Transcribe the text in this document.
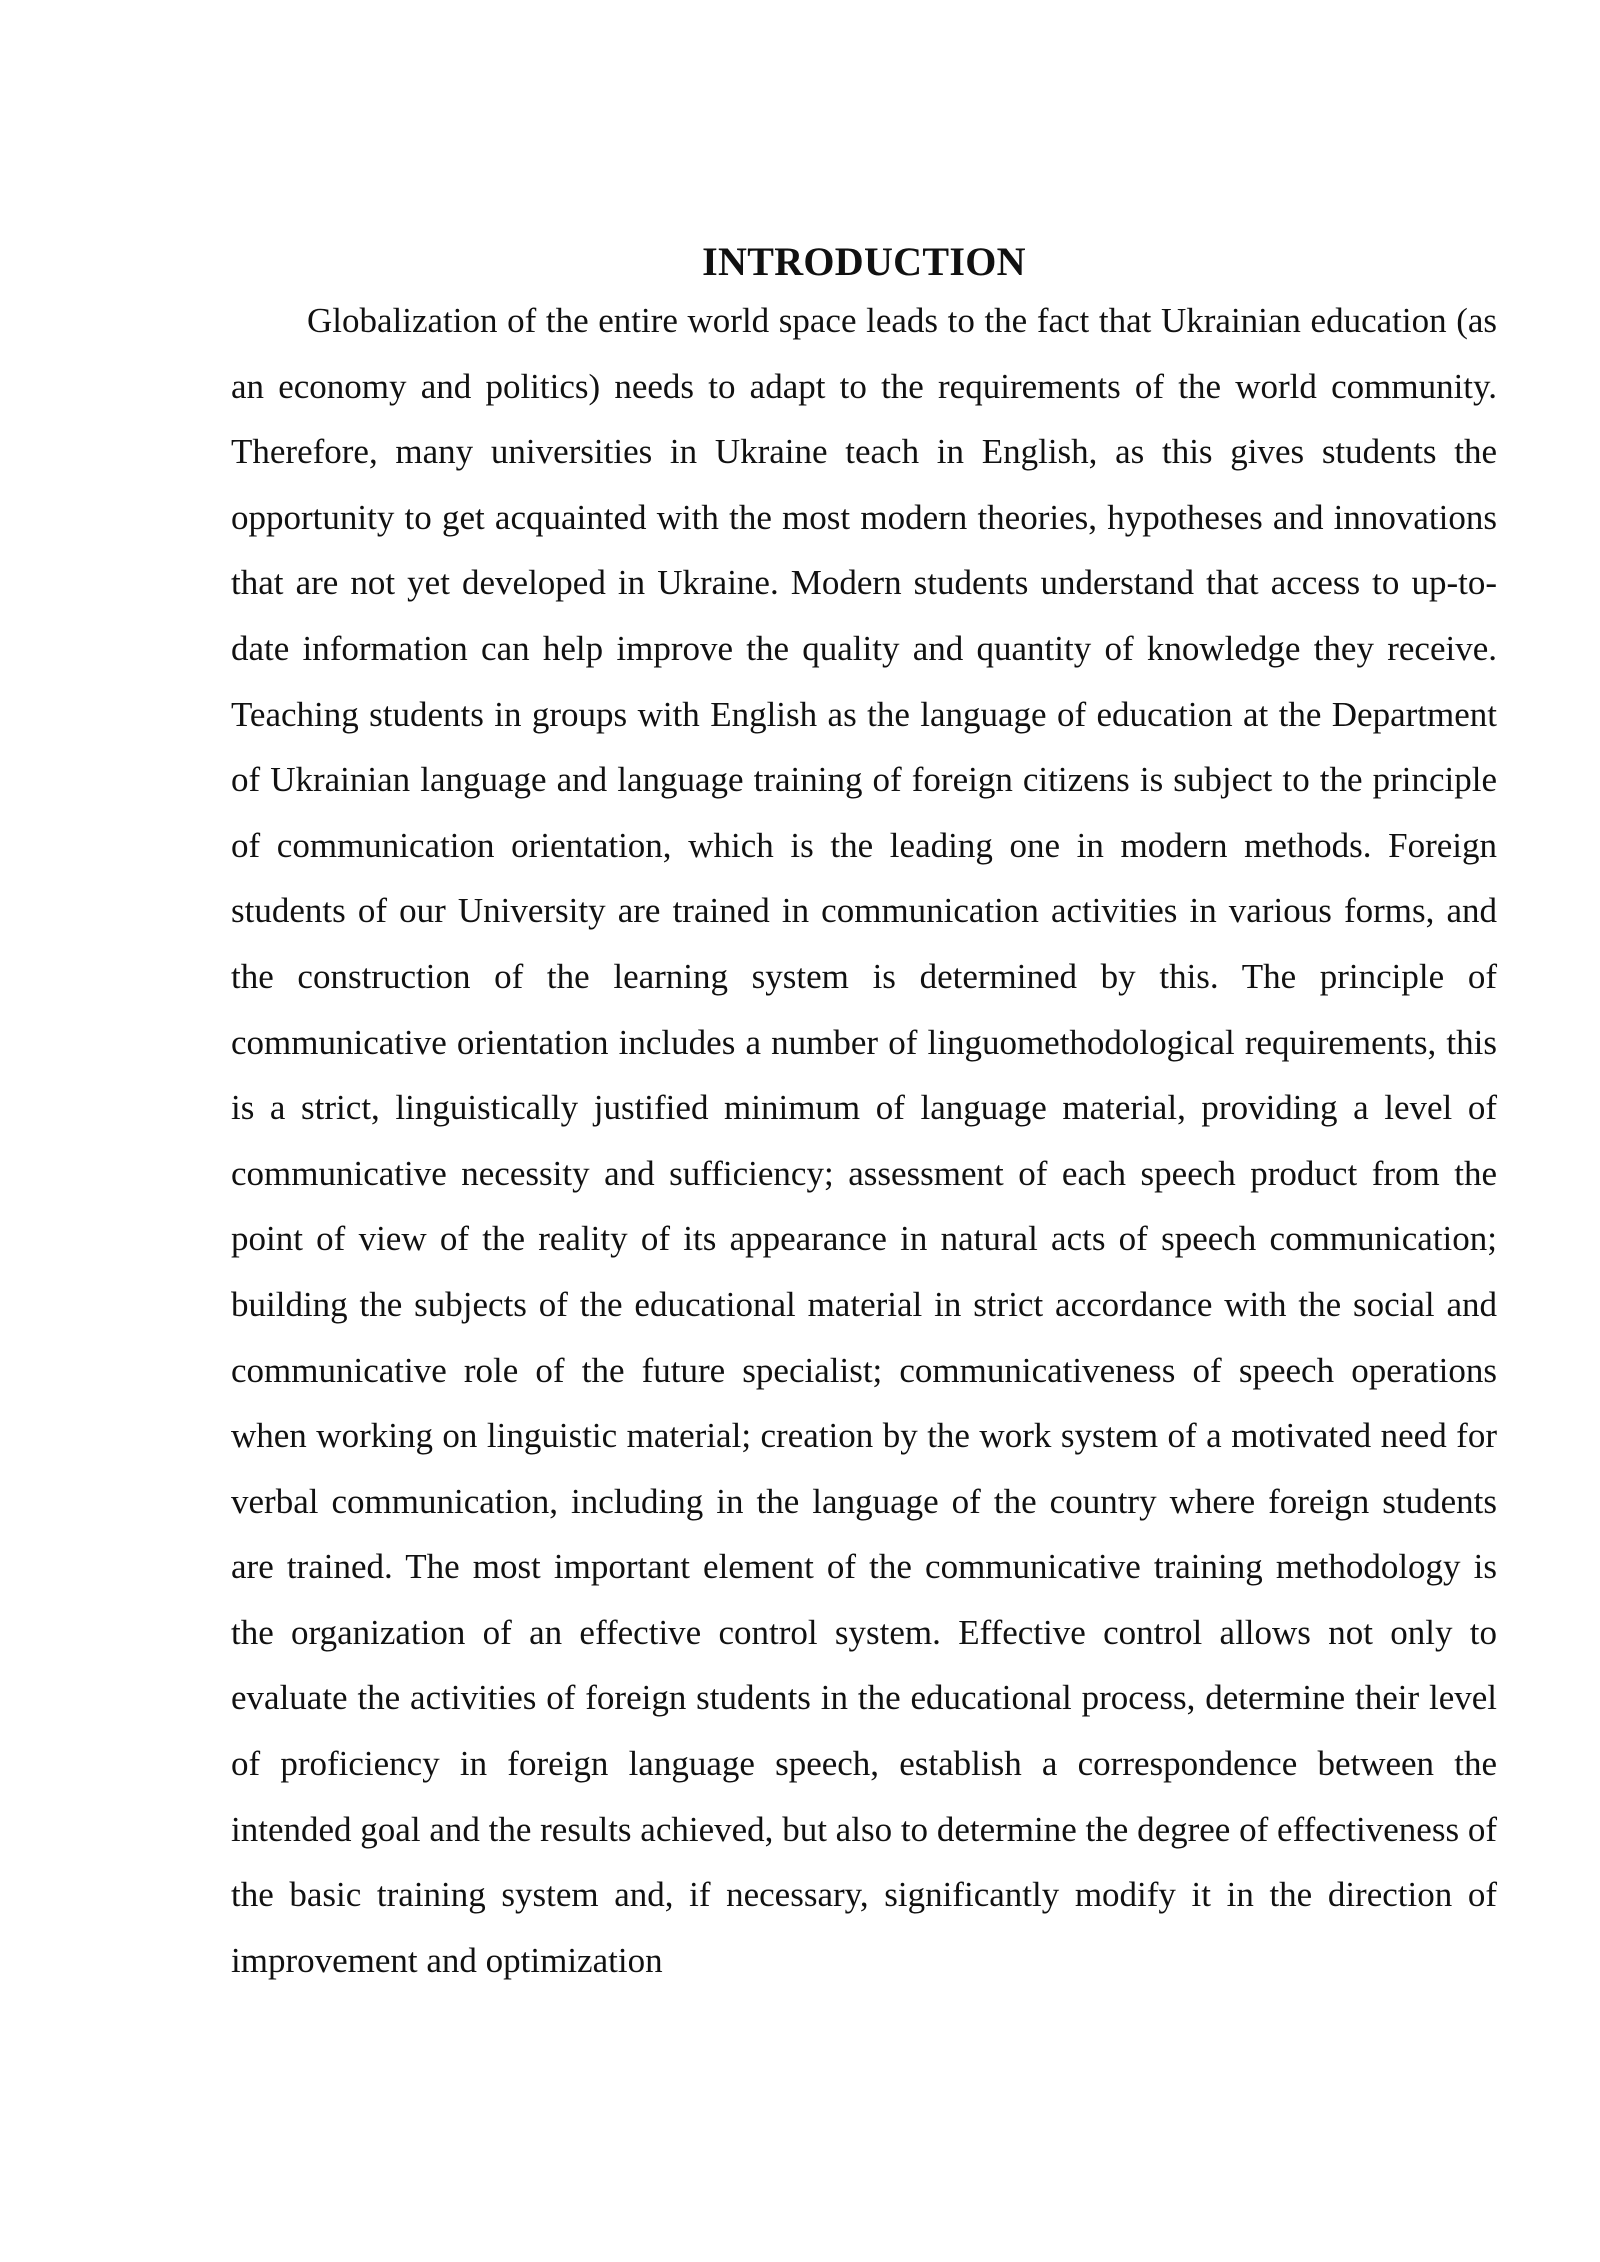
INTRODUCTION

Globalization of the entire world space leads to the fact that Ukrainian education (as an economy and politics) needs to adapt to the requirements of the world community. Therefore, many universities in Ukraine teach in English, as this gives students the opportunity to get acquainted with the most modern theories, hypotheses and innovations that are not yet developed in Ukraine. Modern students understand that access to up-to-date information can help improve the quality and quantity of knowledge they receive. Teaching students in groups with English as the language of education at the Department of Ukrainian language and language training of foreign citizens is subject to the principle of communication orientation, which is the leading one in modern methods. Foreign students of our University are trained in communication activities in various forms, and the construction of the learning system is determined by this. The principle of communicative orientation includes a number of linguomethodological requirements, this is a strict, linguistically justified minimum of language material, providing a level of communicative necessity and sufficiency; assessment of each speech product from the point of view of the reality of its appearance in natural acts of speech communication; building the subjects of the educational material in strict accordance with the social and communicative role of the future specialist; communicativeness of speech operations when working on linguistic material; creation by the work system of a motivated need for verbal communication, including in the language of the country where foreign students are trained. The most important element of the communicative training methodology is the organization of an effective control system. Effective control allows not only to evaluate the activities of foreign students in the educational process, determine their level of proficiency in foreign language speech, establish a correspondence between the intended goal and the results achieved, but also to determine the degree of effectiveness of the basic training system and, if necessary, significantly modify it in the direction of improvement and optimization
